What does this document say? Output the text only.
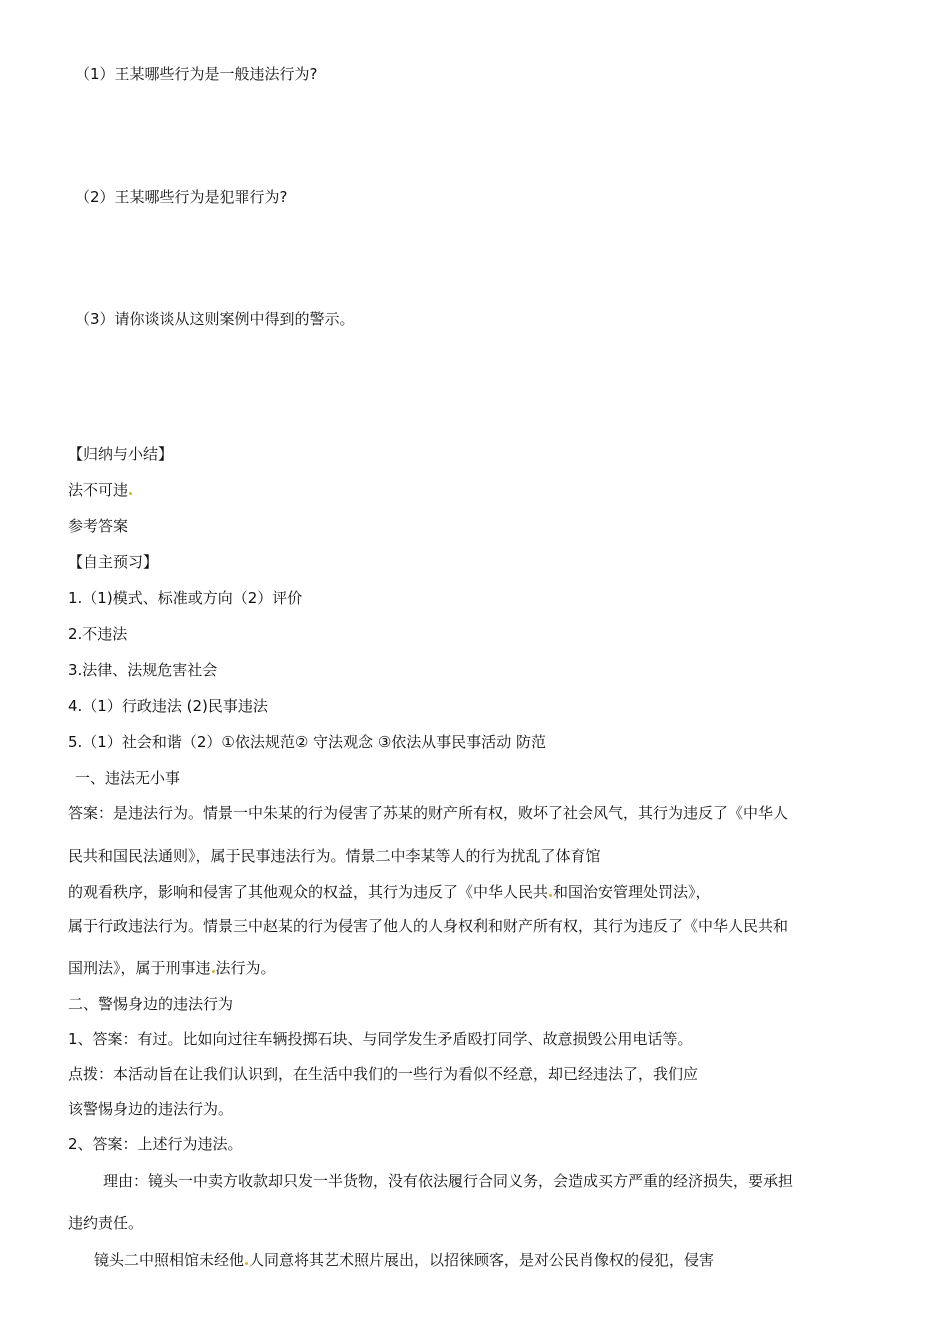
（1）王某哪些行为是一般违法行为?
（2）王某哪些行为是犯罪行为?
（3）请你谈谈从这则案例中得到的警示。
【归纳与小结】
法不可违
参考答案
【自主预习】
1.（1)模式、标准或方向（2）评价
2.不违法
3.法律、法规危害社会
4.（1）行政违法 (2)民事违法
5.（1）社会和谐（2）①依法规范② 守法观念 ③依法从事民事活动 防范
一、违法无小事
答案：是违法行为。情景一中朱某的行为侵害了苏某的财产所有权，败坏了社会风气，其行为违反了《中华人
民共和国民法通则》，属于民事违法行为。情景二中李某等人的行为扰乱了体育馆
的观看秩序，影响和侵害了其他观众的权益，其行为违反了《中华人民共 和国治安管理处罚法》，
属于行政违法行为。情景三中赵某的行为侵害了他人的人身权利和财产所有权，其行为违反了《中华人民共和
国刑法》，属于刑事违 法行为。
二、警惕身边的违法行为
1、答案：有过。比如向过往车辆投掷石块、与同学发生矛盾殴打同学、故意损毁公用电话等。
点拨：本活动旨在让我们认识到，在生活中我们的一些行为看似不经意，却已经违法了，我们应
该警惕身边的违法行为。
2、答案：上述行为违法。
理由：镜头一中卖方收款却只发一半货物，没有依法履行合同义务，会造成买方严重的经济损失，要承担
违约责任。
镜头二中照相馆未经他 人同意将其艺术照片展出，以招徕顾客，是对公民肖像权的侵犯，侵害
